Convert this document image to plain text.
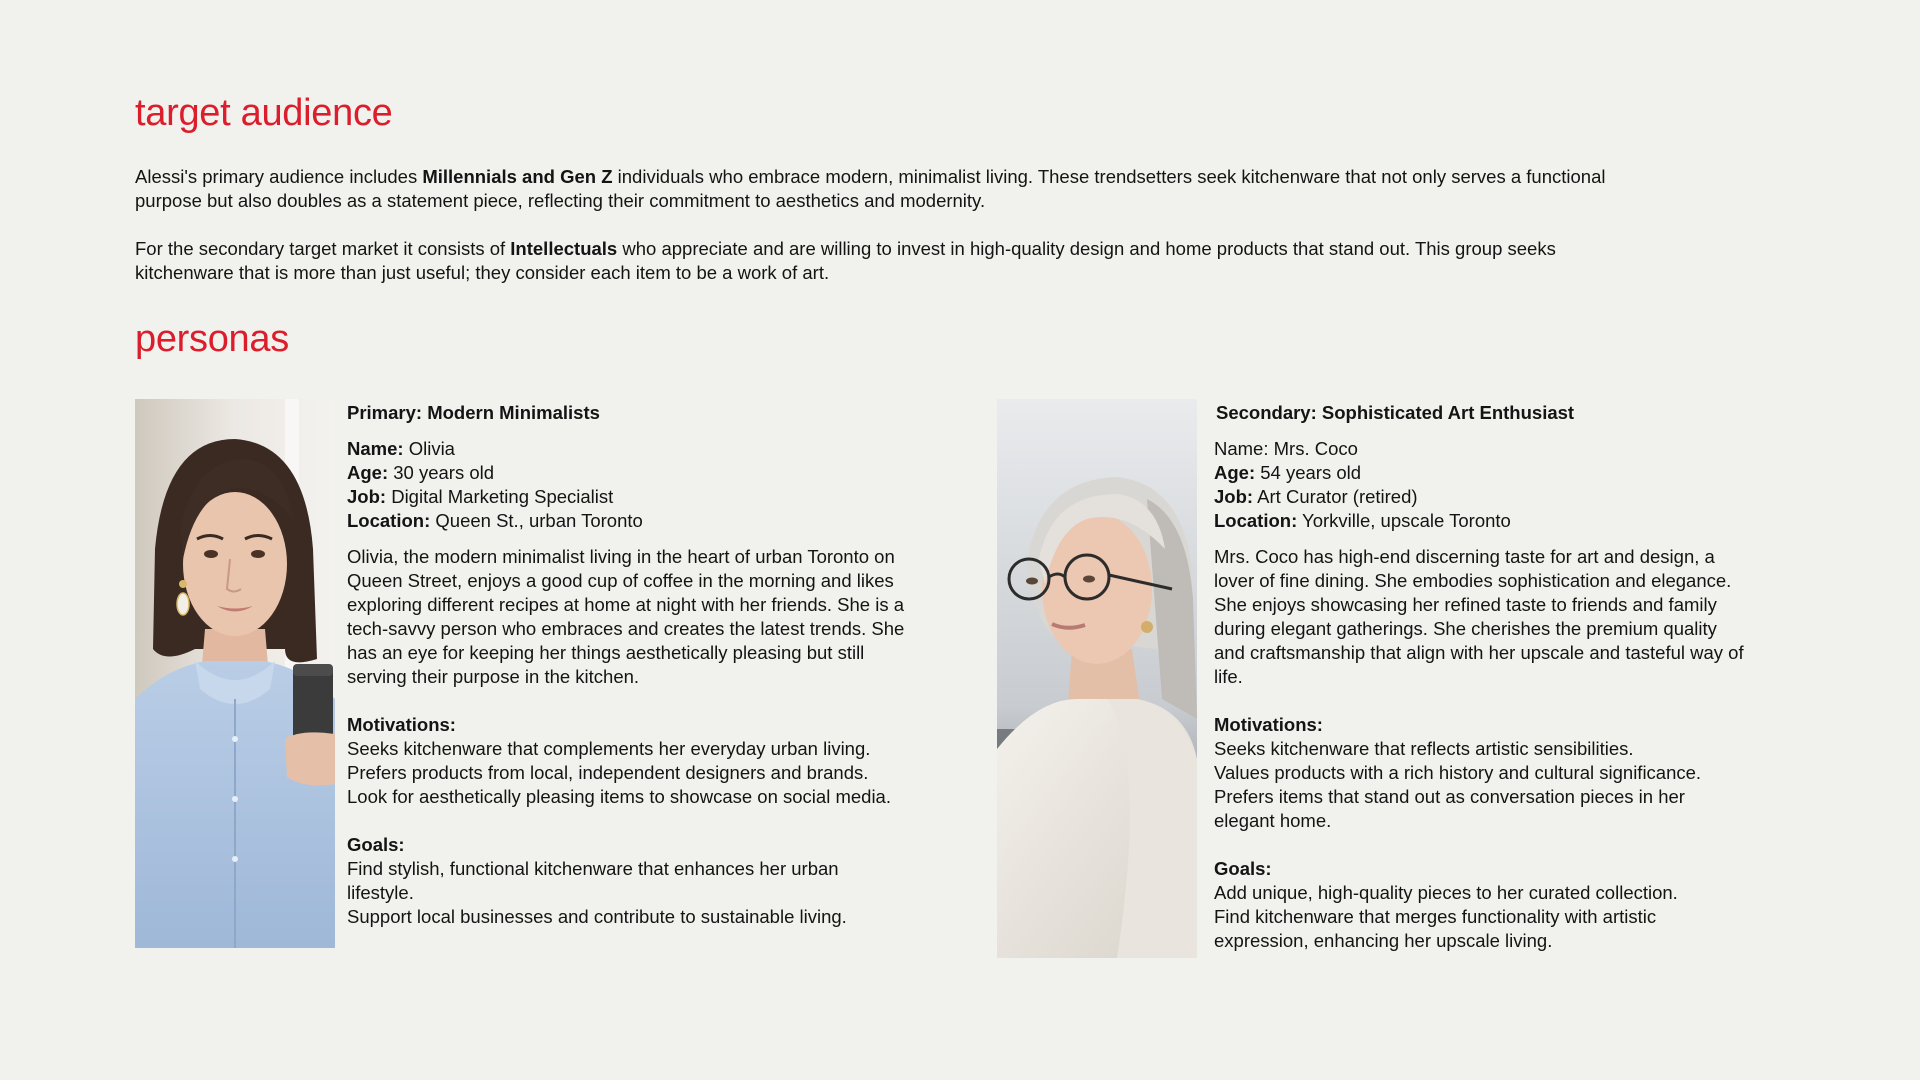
target audience

Alessi's primary audience includes Millennials and Gen Z individuals who embrace modern, minimalist living. These trendsetters seek kitchenware that not only serves a functional purpose but also doubles as a statement piece, reflecting their commitment to aesthetics and modernity.

For the secondary target market it consists of Intellectuals who appreciate and are willing to invest in high-quality design and home products that stand out. This group seeks kitchenware that is more than just useful; they consider each item to be a work of art.

personas
Primary: Modern Minimalists
Name: Olivia
Age: 30 years old
Job: Digital Marketing Specialist
Location: Queen St., urban Toronto
Olivia, the modern minimalist living in the heart of urban Toronto on Queen Street, enjoys a good cup of coffee in the morning and likes exploring different recipes at home at night with her friends. She is a tech-savvy person who embraces and creates the latest trends. She has an eye for keeping her things aesthetically pleasing but still serving their purpose in the kitchen.
Motivations:
Seeks kitchenware that complements her everyday urban living.
Prefers products from local, independent designers and brands.
Look for aesthetically pleasing items to showcase on social media.
Goals:
Find stylish, functional kitchenware that enhances her urban lifestyle.
Support local businesses and contribute to sustainable living.
Secondary: Sophisticated Art Enthusiast
Name: Mrs. Coco
Age: 54 years old
Job: Art Curator (retired)
Location: Yorkville, upscale Toronto
Mrs. Coco has high-end discerning taste for art and design, a lover of fine dining. She embodies sophistication and elegance. She enjoys showcasing her refined taste to friends and family during elegant gatherings. She cherishes the premium quality and craftsmanship that align with her upscale and tasteful way of life.
Motivations:
Seeks kitchenware that reflects artistic sensibilities.
Values products with a rich history and cultural significance.
Prefers items that stand out as conversation pieces in her elegant home.
Goals:
Add unique, high-quality pieces to her curated collection.
Find kitchenware that merges functionality with artistic expression, enhancing her upscale living.
